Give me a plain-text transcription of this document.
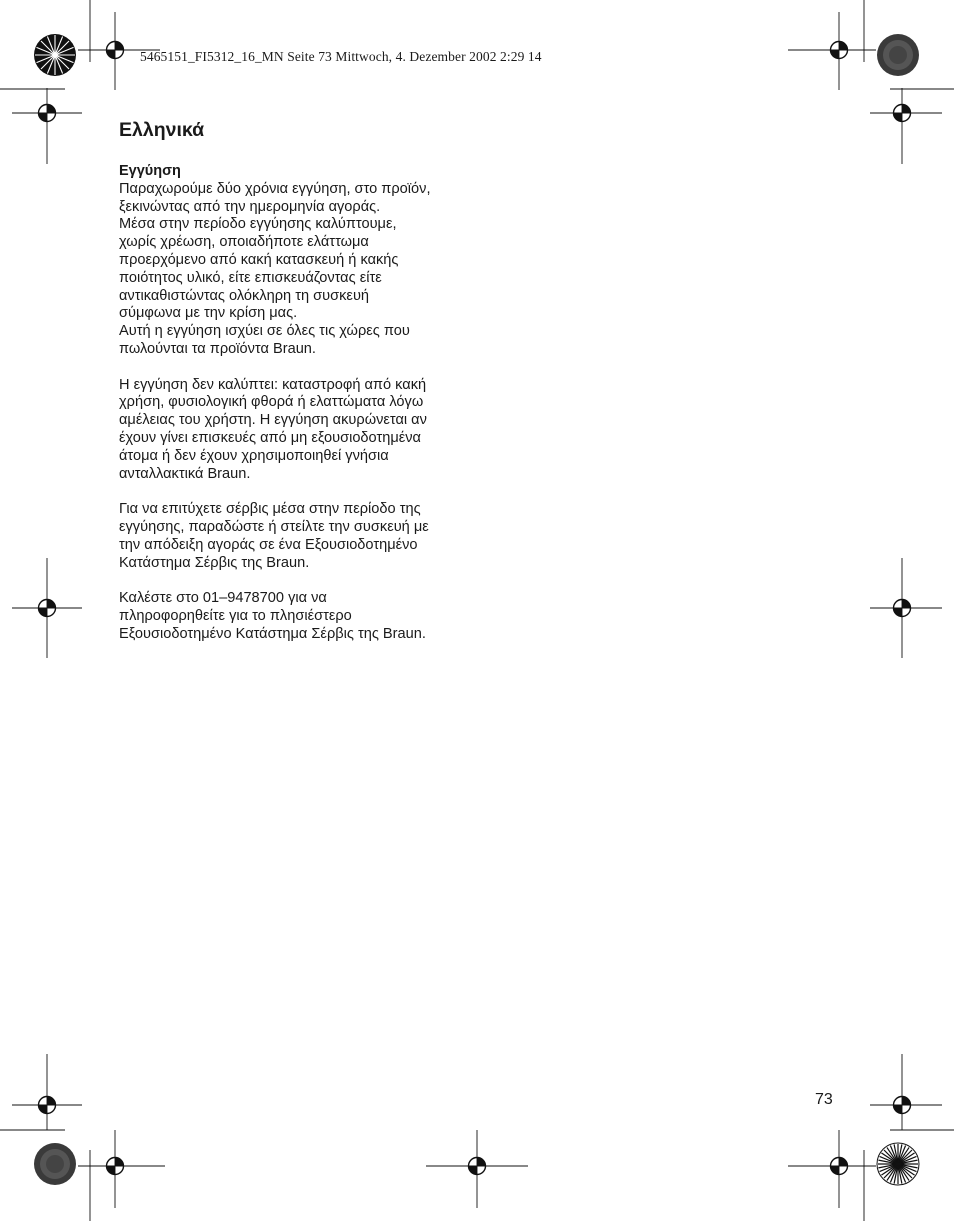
5465151_FI5312_16_MN Seite 73 Mittwoch, 4. Dezember 2002 2:29 14
Ελληνικά
Εγγύηση

Παραχωρούμε δύο χρόνια εγγύηση, στο προϊόν,
ξεκινώντας από την ημερομηνία αγοράς.
Μέσα στην περίοδο εγγύησης καλύπτουμε,
χωρίς χρέωση, οποιαδήποτε ελάττωμα
προερχόμενο από κακή κατασκευή ή κακής
ποιότητος υλικό, είτε επισκευάζοντας είτε
αντικαθιστώντας ολόκληρη τη συσκευή
σύμφωνα με την κρίση μας.
Αυτή η εγγύηση ισχύει σε όλες τις χώρες που
πωλούνται τα προϊόντα Braun.

Η εγγύηση δεν καλύπτει: καταστροφή από κακή
χρήση, φυσιολογική φθορά ή ελαττώματα λόγω
αμέλειας του χρήστη. Η εγγύηση ακυρώνεται αν
έχουν γίνει επισκευές από μη εξουσιοδοτημένα
άτομα ή δεν έχουν χρησιμοποιηθεί γνήσια
ανταλλακτικά Braun.

Για να επιτύχετε σέρβις μέσα στην περίοδο της
εγγύησης, παραδώστε ή στείλτε την συσκευή με
την απόδειξη αγοράς σε ένα Εξουσιοδοτημένο
Κατάστημα Σέρβις της Braun.

Καλέστε στο 01–9478700 για να
πληροφορηθείτε για το πλησιέστερο
Εξουσιοδοτημένο Κατάστημα Σέρβις της Braun.

73
